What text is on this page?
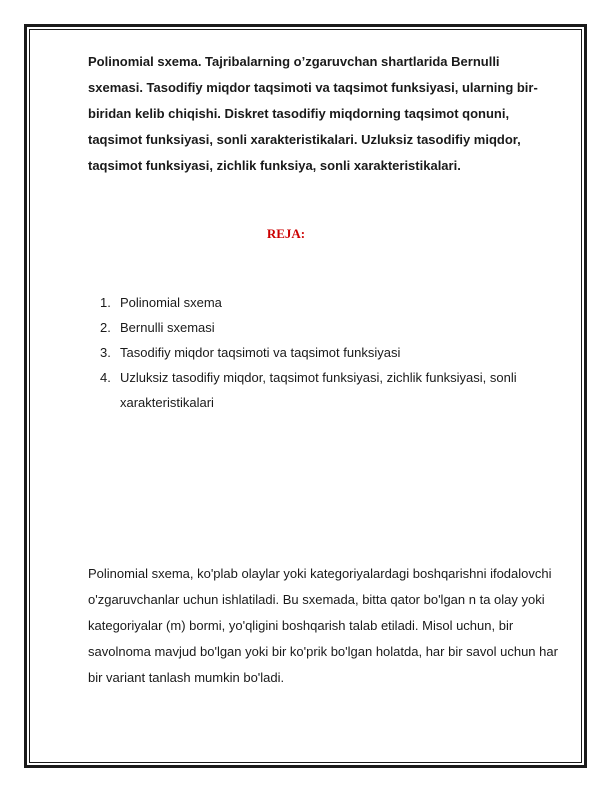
Polinomial sxema. Tajribalarning o’zgaruvchan shartlarida Bernulli sxemasi. Tasodifiy miqdor taqsimoti va taqsimot funksiyasi, ularning bir-biridan kelib chiqishi. Diskret tasodifiy miqdorning taqsimot qonuni, taqsimot funksiyasi, sonli xarakteristikalari. Uzluksiz tasodifiy miqdor, taqsimot funksiyasi, zichlik funksiya, sonli xarakteristikalari.

REJA:
1. Polinomial sxema
2. Bernulli sxemasi
3. Tasodifiy miqdor taqsimoti va taqsimot funksiyasi
4. Uzluksiz tasodifiy miqdor, taqsimot funksiyasi, zichlik funksiyasi, sonli xarakteristikalari

Polinomial sxema, ko'plab olaylar yoki kategoriyalardagi boshqarishni ifodalovchi o'zgaruvchanlar uchun ishlatiladi. Bu sxemada, bitta qator bo'lgan n ta olay yoki kategoriyalar (m) bormi, yo'qligini boshqarish talab etiladi. Misol uchun, bir savolnoma mavjud bo'lgan yoki bir ko'prik bo'lgan holatda, har bir savol uchun har bir variant tanlash mumkin bo'ladi.
